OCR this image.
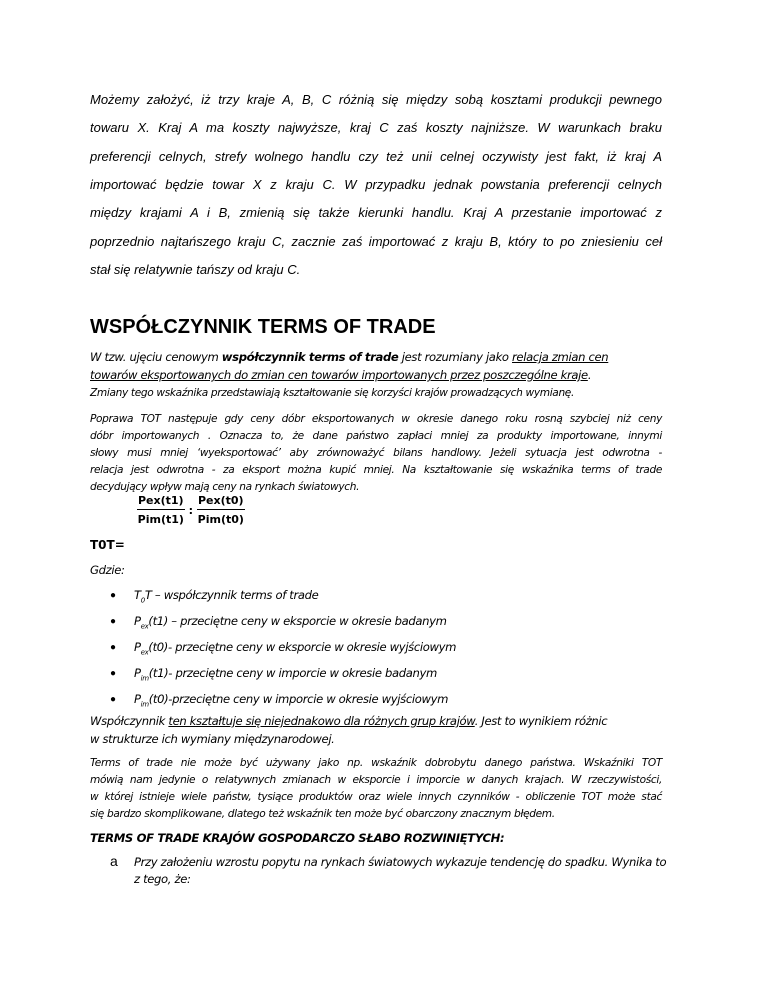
Możemy założyć, iż trzy kraje A, B, C różnią się między sobą kosztami produkcji pewnego
towaru X. Kraj A ma koszty najwyższe, kraj C zaś koszty najniższe. W warunkach braku
preferencji celnych, strefy wolnego handlu czy też unii celnej oczywisty jest fakt, iż kraj A
importować będzie towar X z kraju C. W przypadku jednak powstania preferencji celnych
między krajami A i B, zmienią się także kierunki handlu. Kraj A przestanie importować z
poprzednio najtańszego kraju C, zacznie zaś importować z kraju B, który to po zniesieniu ceł
stał się relatywnie tańszy od kraju C.
WSPÓŁCZYNNIK TERMS OF TRADE
W tzw. ujęciu cenowym współczynnik terms of trade jest rozumiany jako relacja zmian cen
towarów eksportowanych do zmian cen towarów importowanych przez poszczególne kraje.
Zmiany tego wskaźnika przedstawiają kształtowanie się korzyści krajów prowadzących wymianę.
Poprawa TOT następuje gdy ceny dóbr eksportowanych w okresie danego roku rosną szybciej niż ceny
dóbr importowanych . Oznacza to, że dane państwo zapłaci mniej za produkty importowane, innymi
słowy musi mniej ‘wyeksportować’ aby zrównoważyć bilans handlowy. Jeżeli sytuacja jest odwrotna -
relacja jest odwrotna - za eksport można kupić mniej. Na kształtowanie się wskaźnika terms of trade
decydujący wpływ mają ceny na rynkach światowych.
$\frac{\text{Pex(t1)}}{\text{Pim(t1)}}$ : $\frac{\text{Pex(t0)}}{\text{Pim(t0)}}$
T0T=
Gdzie:
● $T_0T$ – współczynnik terms of trade
● $P_{ex}(t1)$ – przeciętne ceny w eksporcie w okresie badanym
● $P_{ex}(t0)-$ przeciętne ceny w eksporcie w okresie wyjściowym
● $P_{im}(t1)-$ przeciętne ceny w imporcie w okresie badanym
● $P_{im}(t0)$-przeciętne ceny w imporcie w okresie wyjściowym
Współczynnik ten kształtuje się niejednakowo dla różnych grup krajów. Jest to wynikiem różnic
w strukturze ich wymiany międzynarodowej.
Terms of trade nie może być używany jako np. wskaźnik dobrobytu danego państwa. Wskaźniki TOT
mówią nam jedynie o relatywnych zmianach w eksporcie i imporcie w danych krajach. W rzeczywistości,
w której istnieje wiele państw, tysiące produktów oraz wiele innych czynników - obliczenie TOT może stać
się bardzo skomplikowane, dlatego też wskaźnik ten może być obarczony znacznym błędem.
TERMS OF TRADE KRAJÓW GOSPODARCZO SŁABO ROZWINIĘTYCH:
a Przy założeniu wzrostu popytu na rynkach światowych wykazuje tendencję do spadku. Wynika to
z tego, że:
